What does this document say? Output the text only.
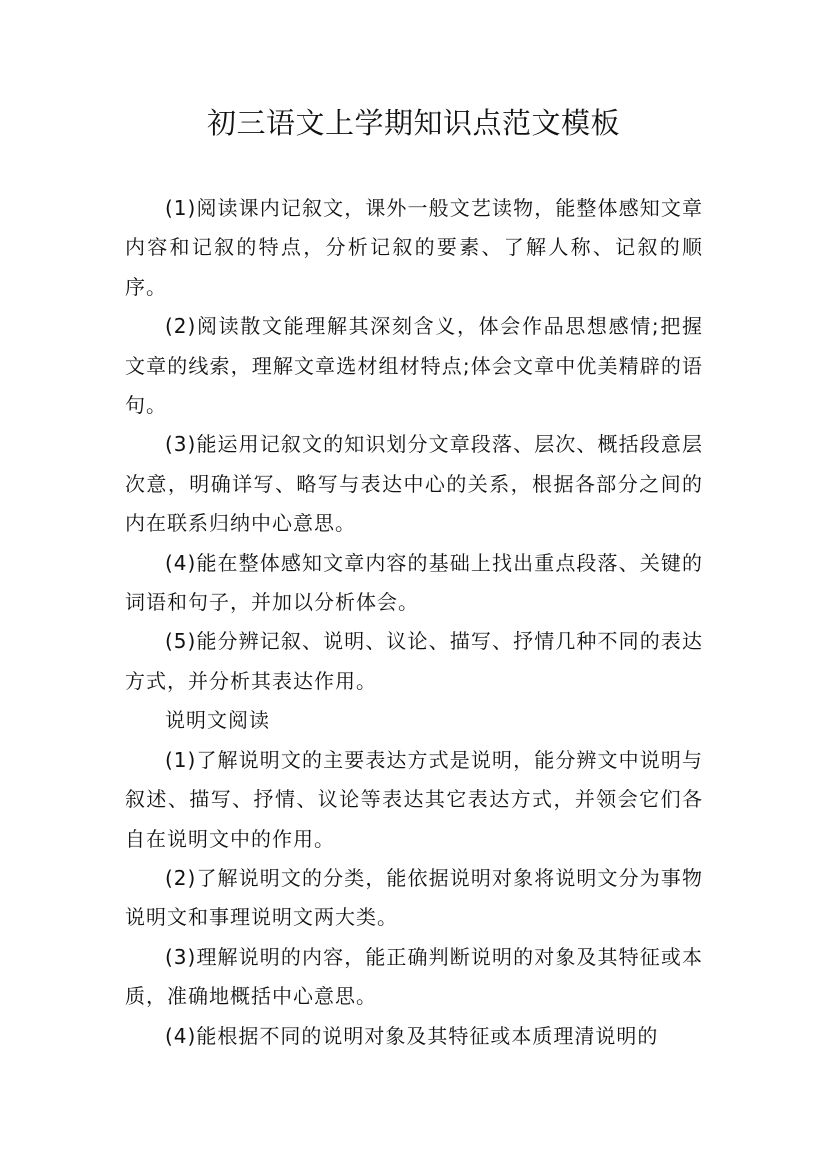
初三语文上学期知识点范文模板

(1)阅读课内记叙文，课外一般文艺读物，能整体感知文章内容和记叙的特点，分析记叙的要素、了解人称、记叙的顺序。

(2)阅读散文能理解其深刻含义，体会作品思想感情;把握文章的线索，理解文章选材组材特点;体会文章中优美精辟的语句。

(3)能运用记叙文的知识划分文章段落、层次、概括段意层次意，明确详写、略写与表达中心的关系，根据各部分之间的内在联系归纳中心意思。

(4)能在整体感知文章内容的基础上找出重点段落、关键的词语和句子，并加以分析体会。

(5)能分辨记叙、说明、议论、描写、抒情几种不同的表达方式，并分析其表达作用。

说明文阅读

(1)了解说明文的主要表达方式是说明，能分辨文中说明与叙述、描写、抒情、议论等表达其它表达方式，并领会它们各自在说明文中的作用。

(2)了解说明文的分类，能依据说明对象将说明文分为事物说明文和事理说明文两大类。

(3)理解说明的内容，能正确判断说明的对象及其特征或本质，准确地概括中心意思。

(4)能根据不同的说明对象及其特征或本质理清说明的
